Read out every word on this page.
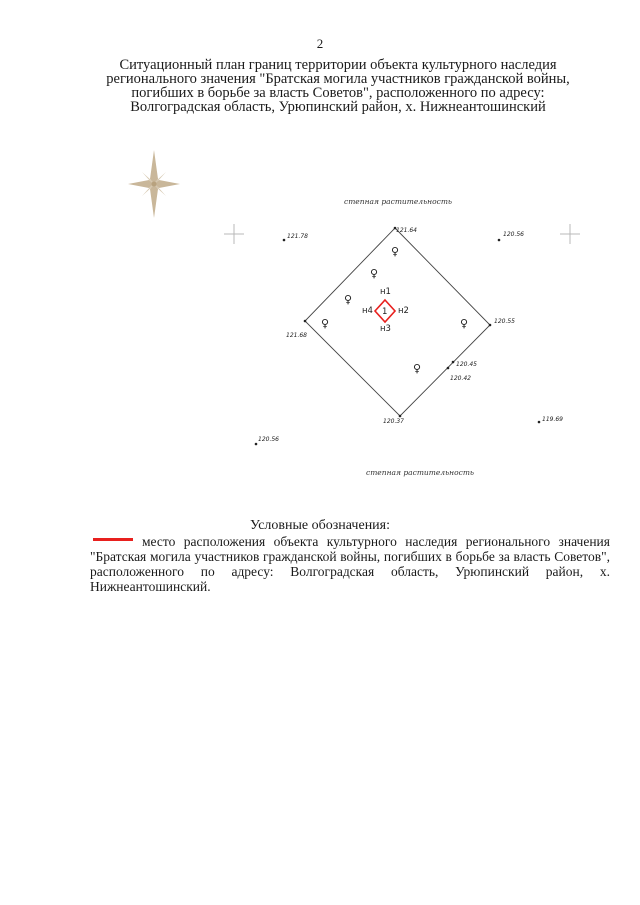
2
Ситуационный план границ территории объекта культурного наследия
регионального значения "Братская могила участников гражданской войны,
погибших в борьбе за власть Советов", расположенного по адресу:
Волгоградская область, Урюпинский район, х. Нижнеантошинский
степная растительность
степная растительность
♀
♀
♀
♀	♀
♀
1
н1
н2
н3
н4
121.78
121.64
120.56
121.68
120.55
120.45
120.42
120.37	119.69
120.56
Условные обозначения:
место расположения объекта культурного наследия регионального значения "Братская могила участников гражданской войны, погибших в борьбе за власть Советов", расположенного по адресу: Волгоградская область, Урюпинский район, х. Нижнеантошинский.
